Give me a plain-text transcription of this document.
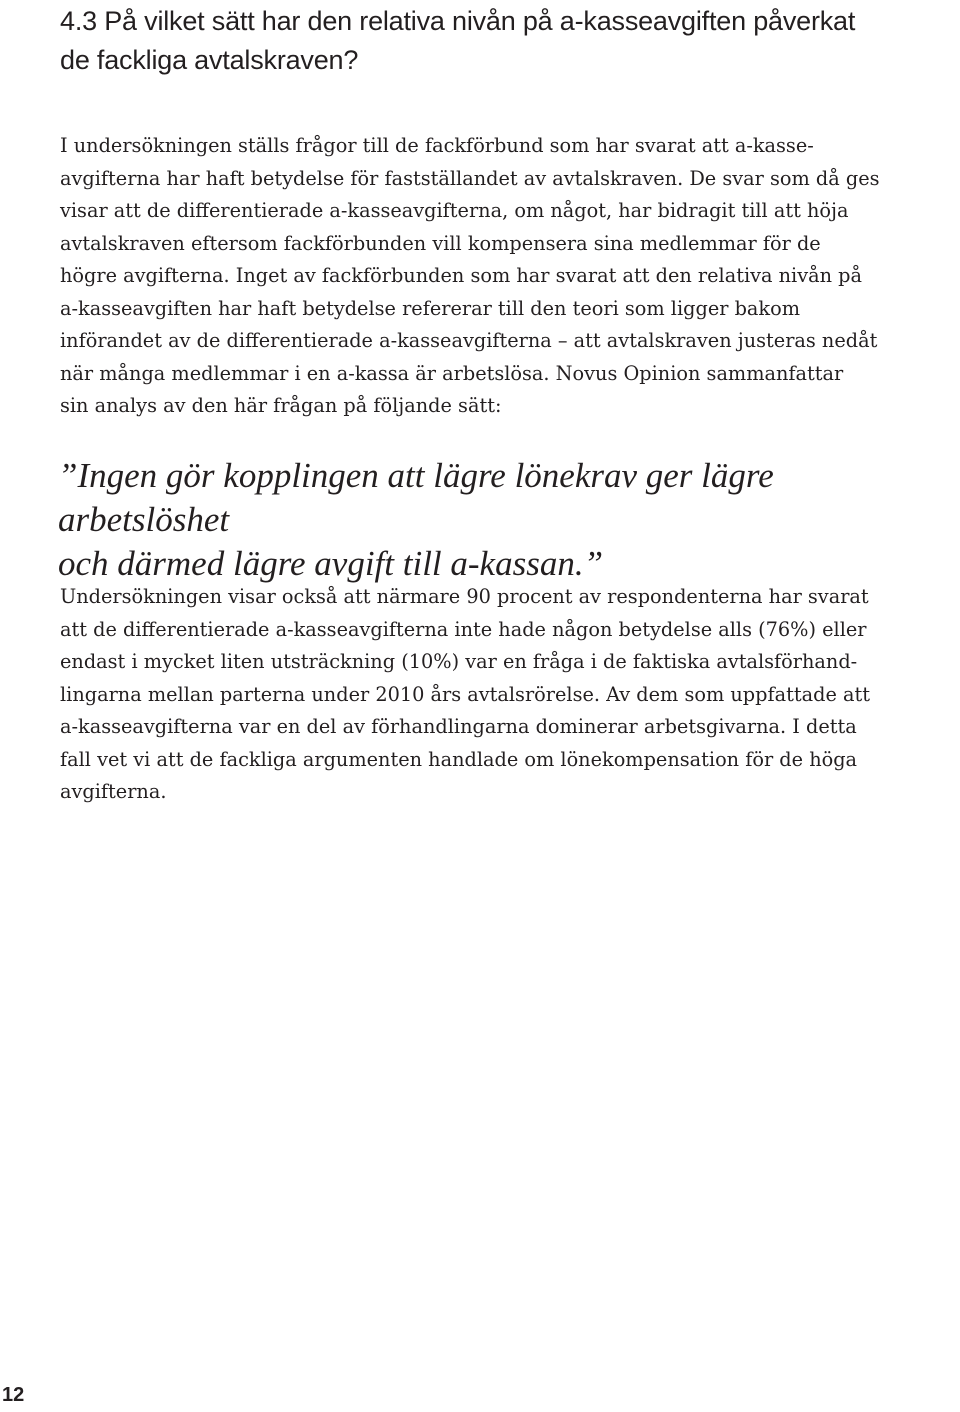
4.3 På vilket sätt har den relativa nivån på a-kasseavgiften påverkat
de fackliga avtalskraven?

I undersökningen ställs frågor till de fackförbund som har svarat att a-kasse-
avgifterna har haft betydelse för fastställandet av avtalskraven. De svar som då ges
visar att de differentierade a-kasseavgifterna, om något, har bidragit till att höja
avtalskraven eftersom fackförbunden vill kompensera sina medlemmar för de
högre avgifterna. Inget av fackförbunden som har svarat att den relativa nivån på
a-kasseavgiften har haft betydelse refererar till den teori som ligger bakom
införandet av de differentierade a-kasseavgifterna – att avtalskraven justeras nedåt
när många medlemmar i en a-kassa är arbetslösa. Novus Opinion sammanfattar
sin analys av den här frågan på följande sätt:

”Ingen gör kopplingen att lägre lönekrav ger lägre arbetslöshet
och därmed lägre avgift till a-kassan.”

Undersökningen visar också att närmare 90 procent av respondenterna har svarat
att de differentierade a-kasseavgifterna inte hade någon betydelse alls (76%) eller
endast i mycket liten utsträckning (10%) var en fråga i de faktiska avtalsförhand-
lingarna mellan parterna under 2010 års avtalsrörelse. Av dem som uppfattade att
a-kasseavgifterna var en del av förhandlingarna dominerar arbetsgivarna. I detta
fall vet vi att de fackliga argumenten handlade om lönekompensation för de höga
avgifterna.

12
